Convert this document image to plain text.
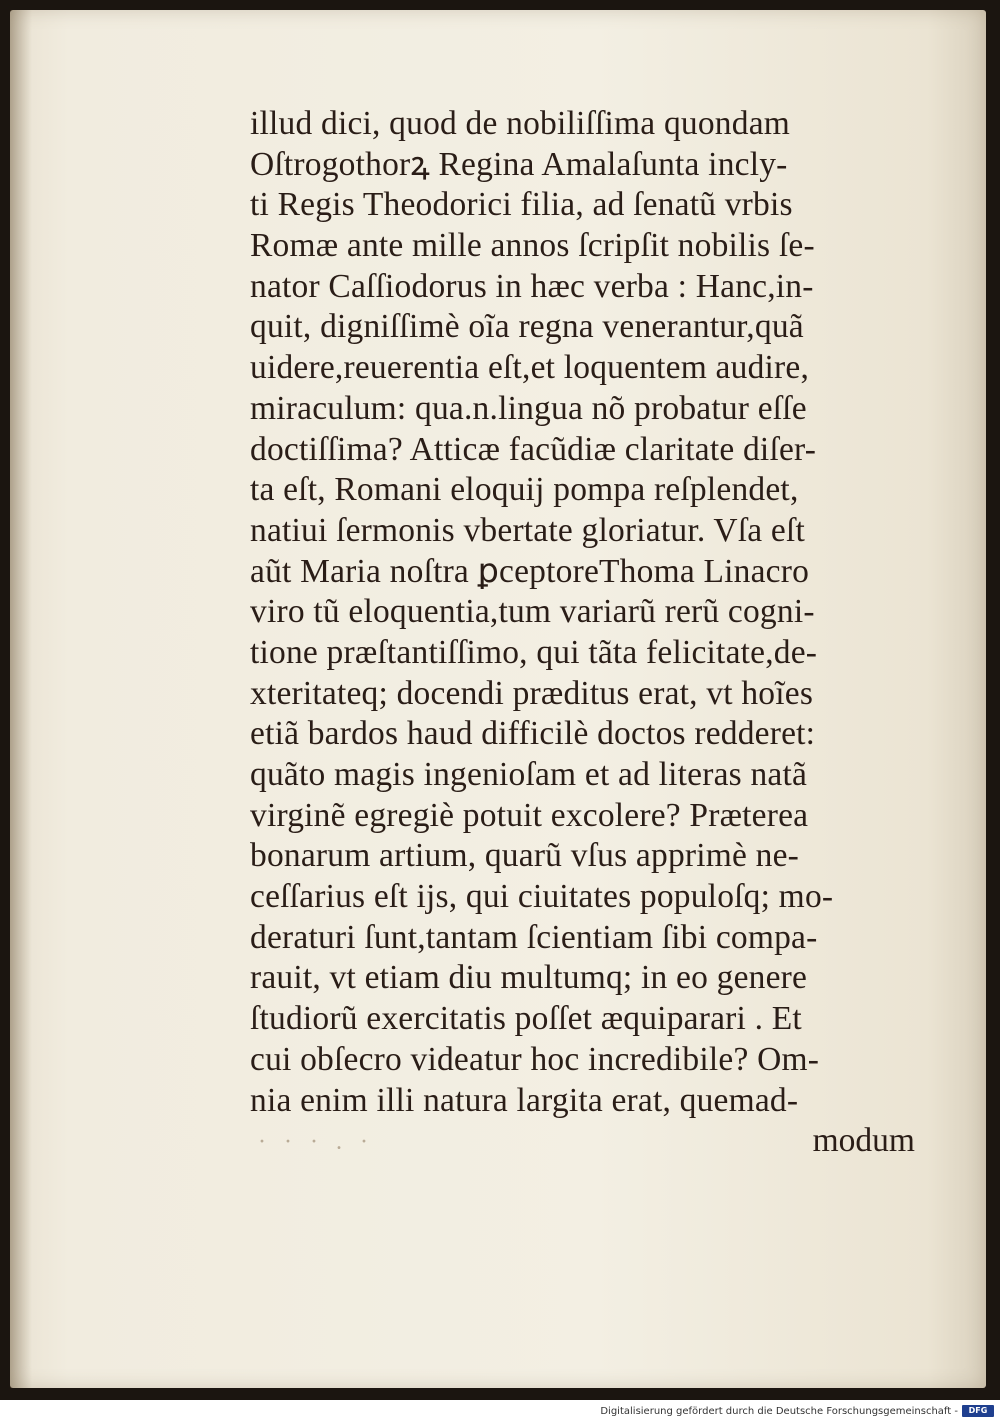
illud dici, quod de nobiliſſima quondam
Oſtrogothorꝝ Regina Amalaſunta incly-
ti Regis Theodorici filia, ad ſenatũ vrbis
Romæ ante mille annos ſcripſit nobilis ſe-
nator Caſſiodorus in hæc verba : Hanc,in-
quit, digniſſimè oĩa regna venerantur,quã
uidere,reuerentia eſt,et loquentem audire,
miraculum: qua.n.lingua nõ probatur eſſe
doctiſſima? Atticæ facũdiæ claritate diſer-
ta eſt, Romani eloquij pompa reſplendet,
natiui ſermonis vbertate gloriatur. Vſa eſt
aũt Maria noſtra ꝑceptoreThoma Linacro
viro tũ eloquentia,tum variarũ rerũ cogni-
tione præſtantiſſimo, qui tãta felicitate,de-
xteritateq; docendi præditus erat, vt hoĩes
etiã bardos haud difficilè doctos redderet:
quãto magis ingenioſam et ad literas natã
virginẽ egregiè potuit excolere? Præterea
bonarum artium, quarũ vſus apprimè ne-
ceſſarius eſt ijs, qui ciuitates populoſq; mo-
deraturi ſunt,tantam ſcientiam ſibi compa-
rauit, vt etiam diu multumq; in eo genere
ſtudiorũ exercitatis poſſet æquiparari . Et
cui obſecro videatur hoc incredibile? Om-
nia enim illi natura largita erat, quemad-
· · · . ·	modum
Digitalisierung gefördert durch die Deutsche Forschungsgemeinschaft -	DFG
